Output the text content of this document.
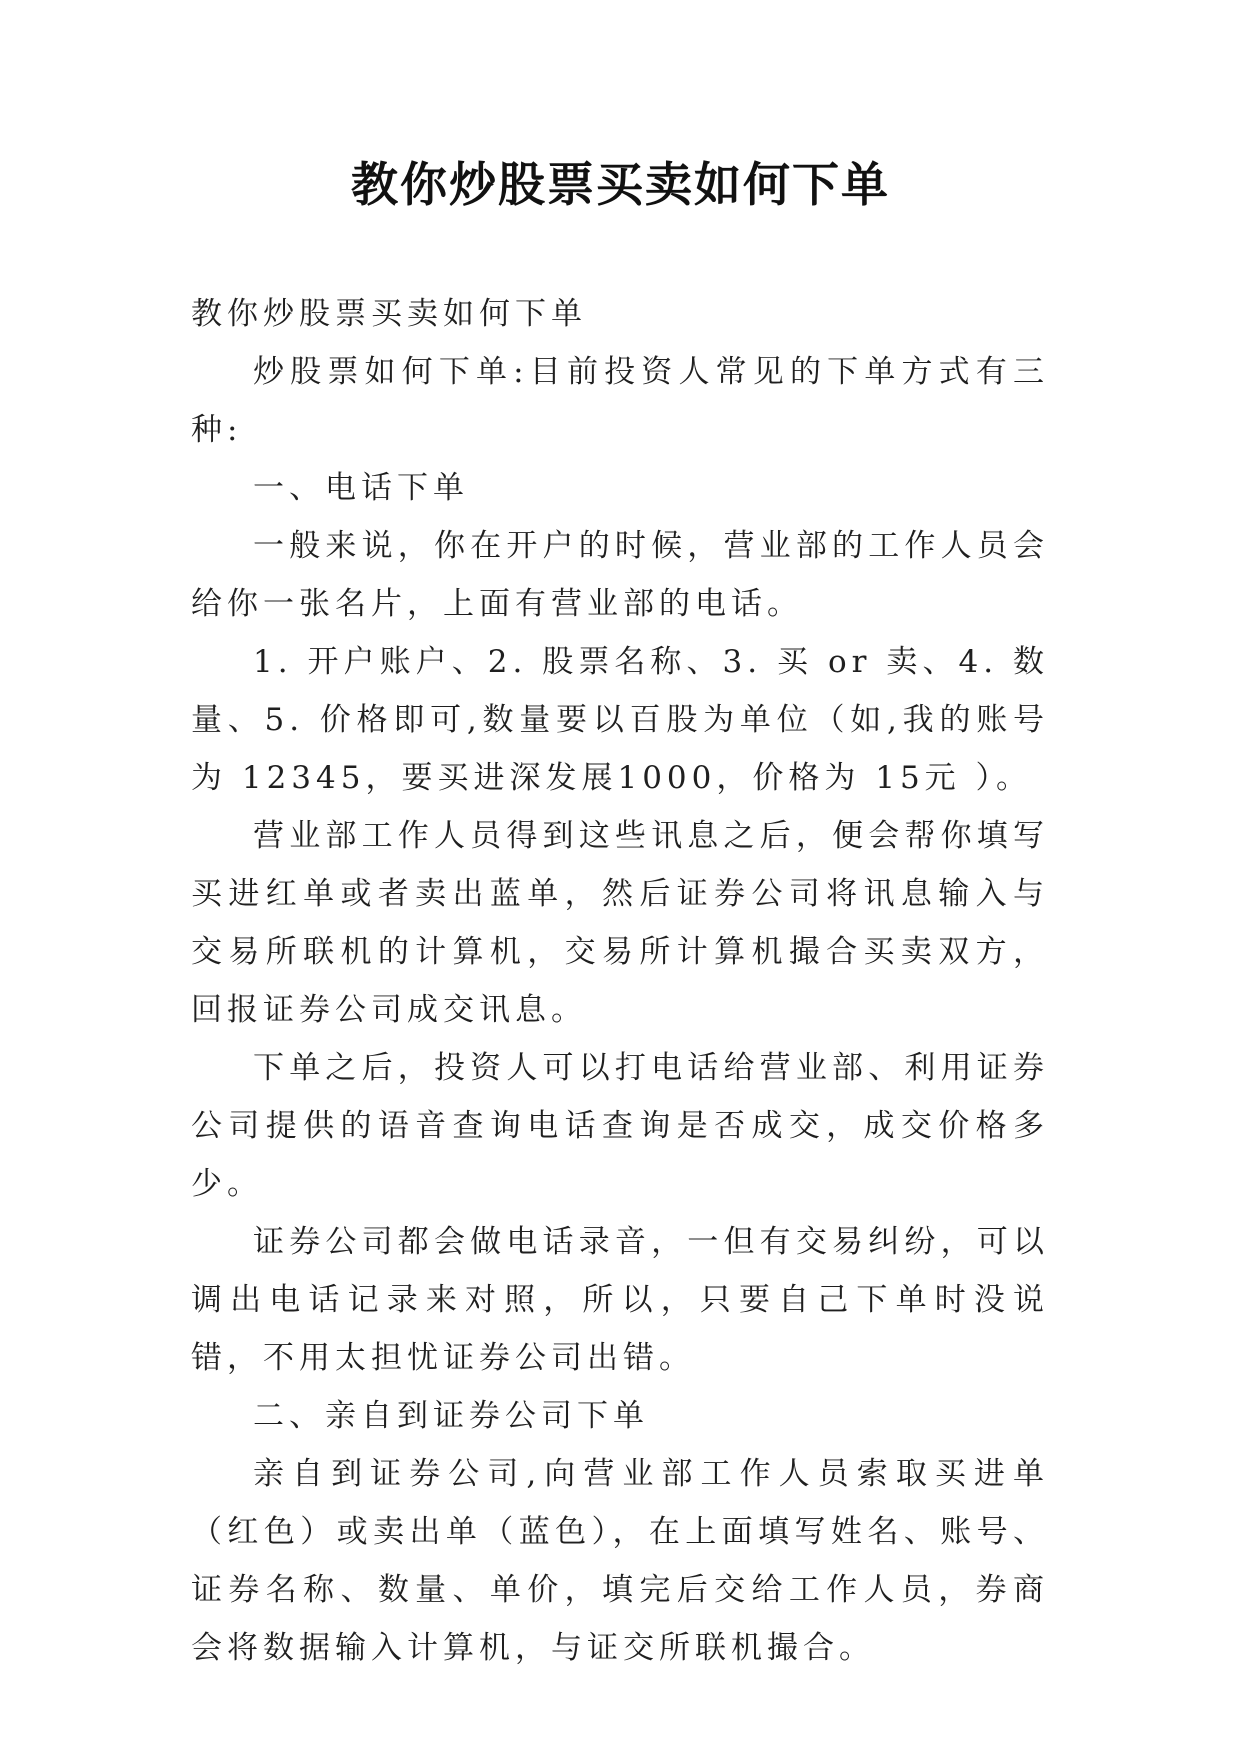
教你炒股票买卖如何下单

教你炒股票买卖如何下单

炒股票如何下单:目前投资人常见的下单方式有三种:

一、电话下单

一般来说，你在开户的时候，营业部的工作人员会给你一张名片，上面有营业部的电话。

1. 开户账户、2. 股票名称、3. 买 or 卖、4. 数量、5. 价格即可,数量要以百股为单位（如,我的账号为 12345，要买进深发展1000，价格为 15元 ）。

营业部工作人员得到这些讯息之后，便会帮你填写买进红单或者卖出蓝单，然后证券公司将讯息输入与交易所联机的计算机，交易所计算机撮合买卖双方，回报证券公司成交讯息。

下单之后，投资人可以打电话给营业部、利用证券公司提供的语音查询电话查询是否成交，成交价格多少。

证券公司都会做电话录音，一但有交易纠纷，可以调出电话记录来对照，所以，只要自己下单时没说错，不用太担忧证券公司出错。

二、亲自到证券公司下单

亲自到证券公司,向营业部工作人员索取买进单（红色）或卖出单（蓝色），在上面填写姓名、账号、证券名称、数量、单价，填完后交给工作人员，券商会将数据输入计算机，与证交所联机撮合。
